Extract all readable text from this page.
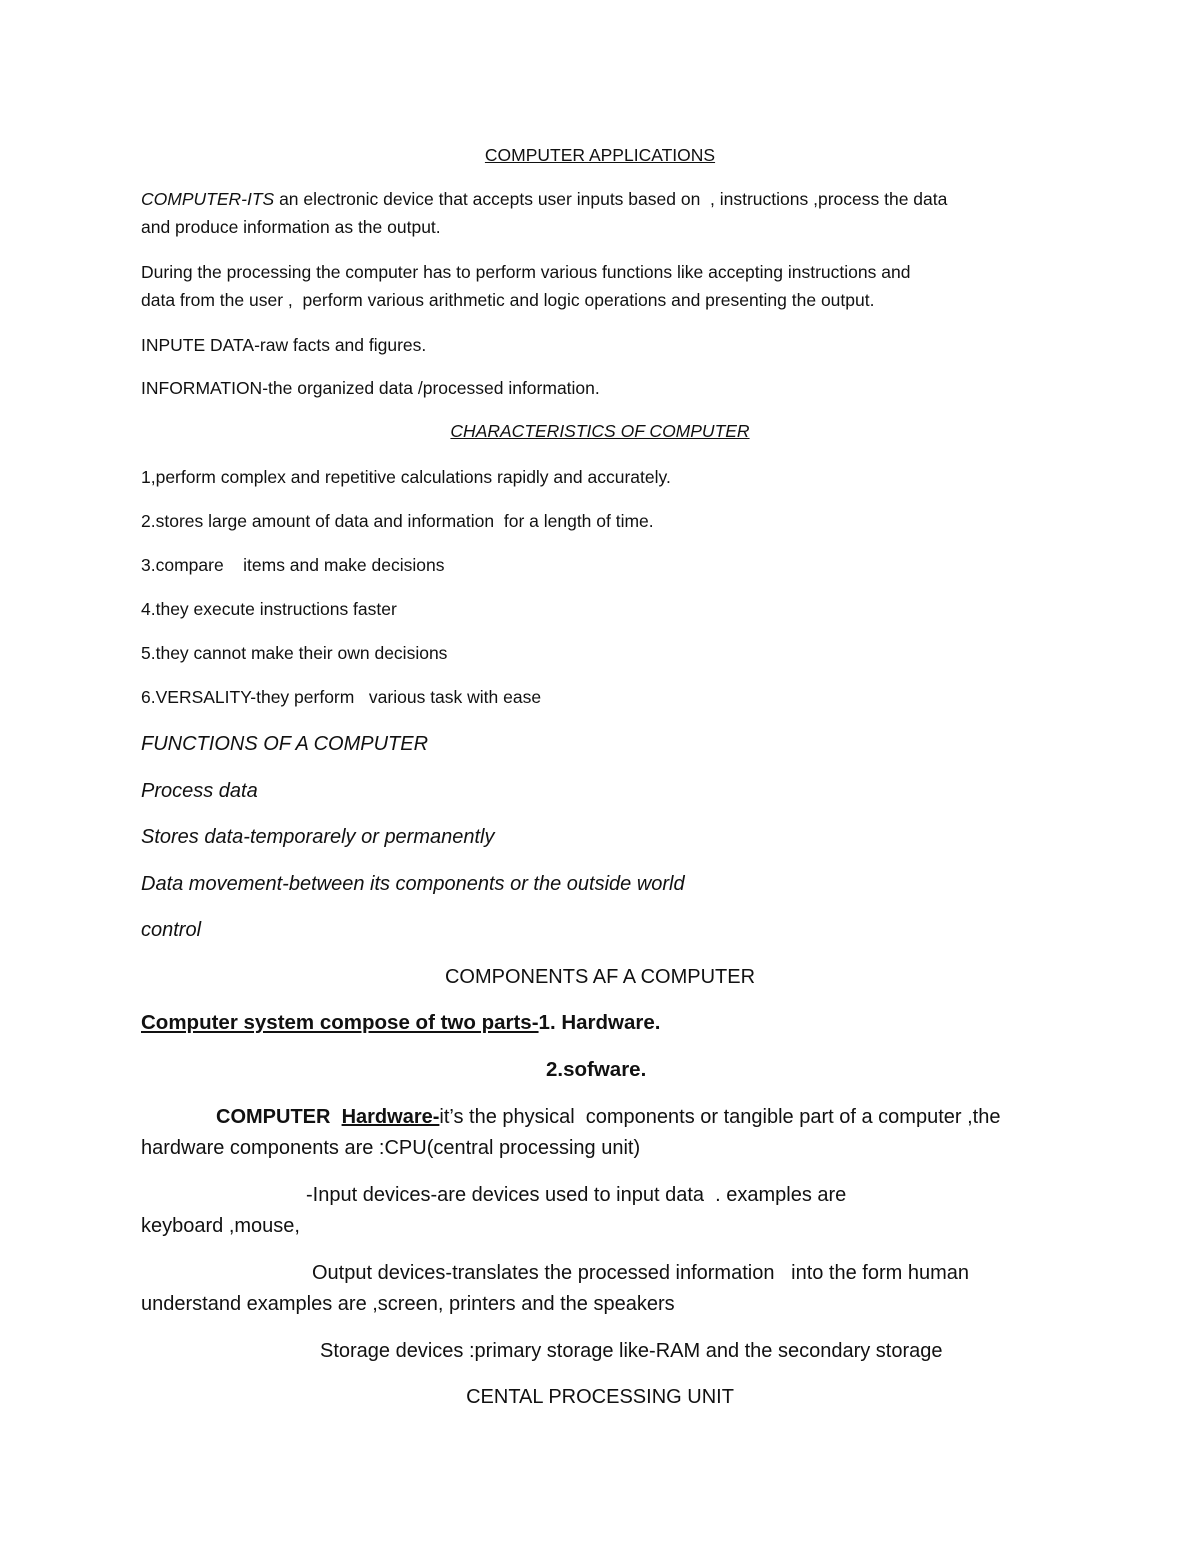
COMPUTER APPLICATIONS

COMPUTER-ITS an electronic device that accepts user inputs based on  , instructions ,process the data

and produce information as the output.

During the processing the computer has to perform various functions like accepting instructions and

data from the user ,  perform various arithmetic and logic operations and presenting the output.

INPUTE DATA-raw facts and figures.

INFORMATION-the organized data /processed information.

CHARACTERISTICS OF COMPUTER

1,perform complex and repetitive calculations rapidly and accurately.

2.stores large amount of data and information  for a length of time.

3.compare    items and make decisions

4.they execute instructions faster

5.they cannot make their own decisions

6.VERSALITY-they perform   various task with ease

FUNCTIONS OF A COMPUTER

Process data

Stores data-temporarely or permanently

Data movement-between its components or the outside world

control

COMPONENTS AF A COMPUTER

Computer system compose of two parts-1. Hardware.

2.sofware.

COMPUTER Hardware-it’s the physical  components or tangible part of a computer ,the

hardware components are :CPU(central processing unit)

-Input devices-are devices used to input data  . examples are

keyboard ,mouse,

Output devices-translates the processed information   into the form human

understand examples are ,screen, printers and the speakers

Storage devices :primary storage like-RAM and the secondary storage

CENTAL PROCESSING UNIT
